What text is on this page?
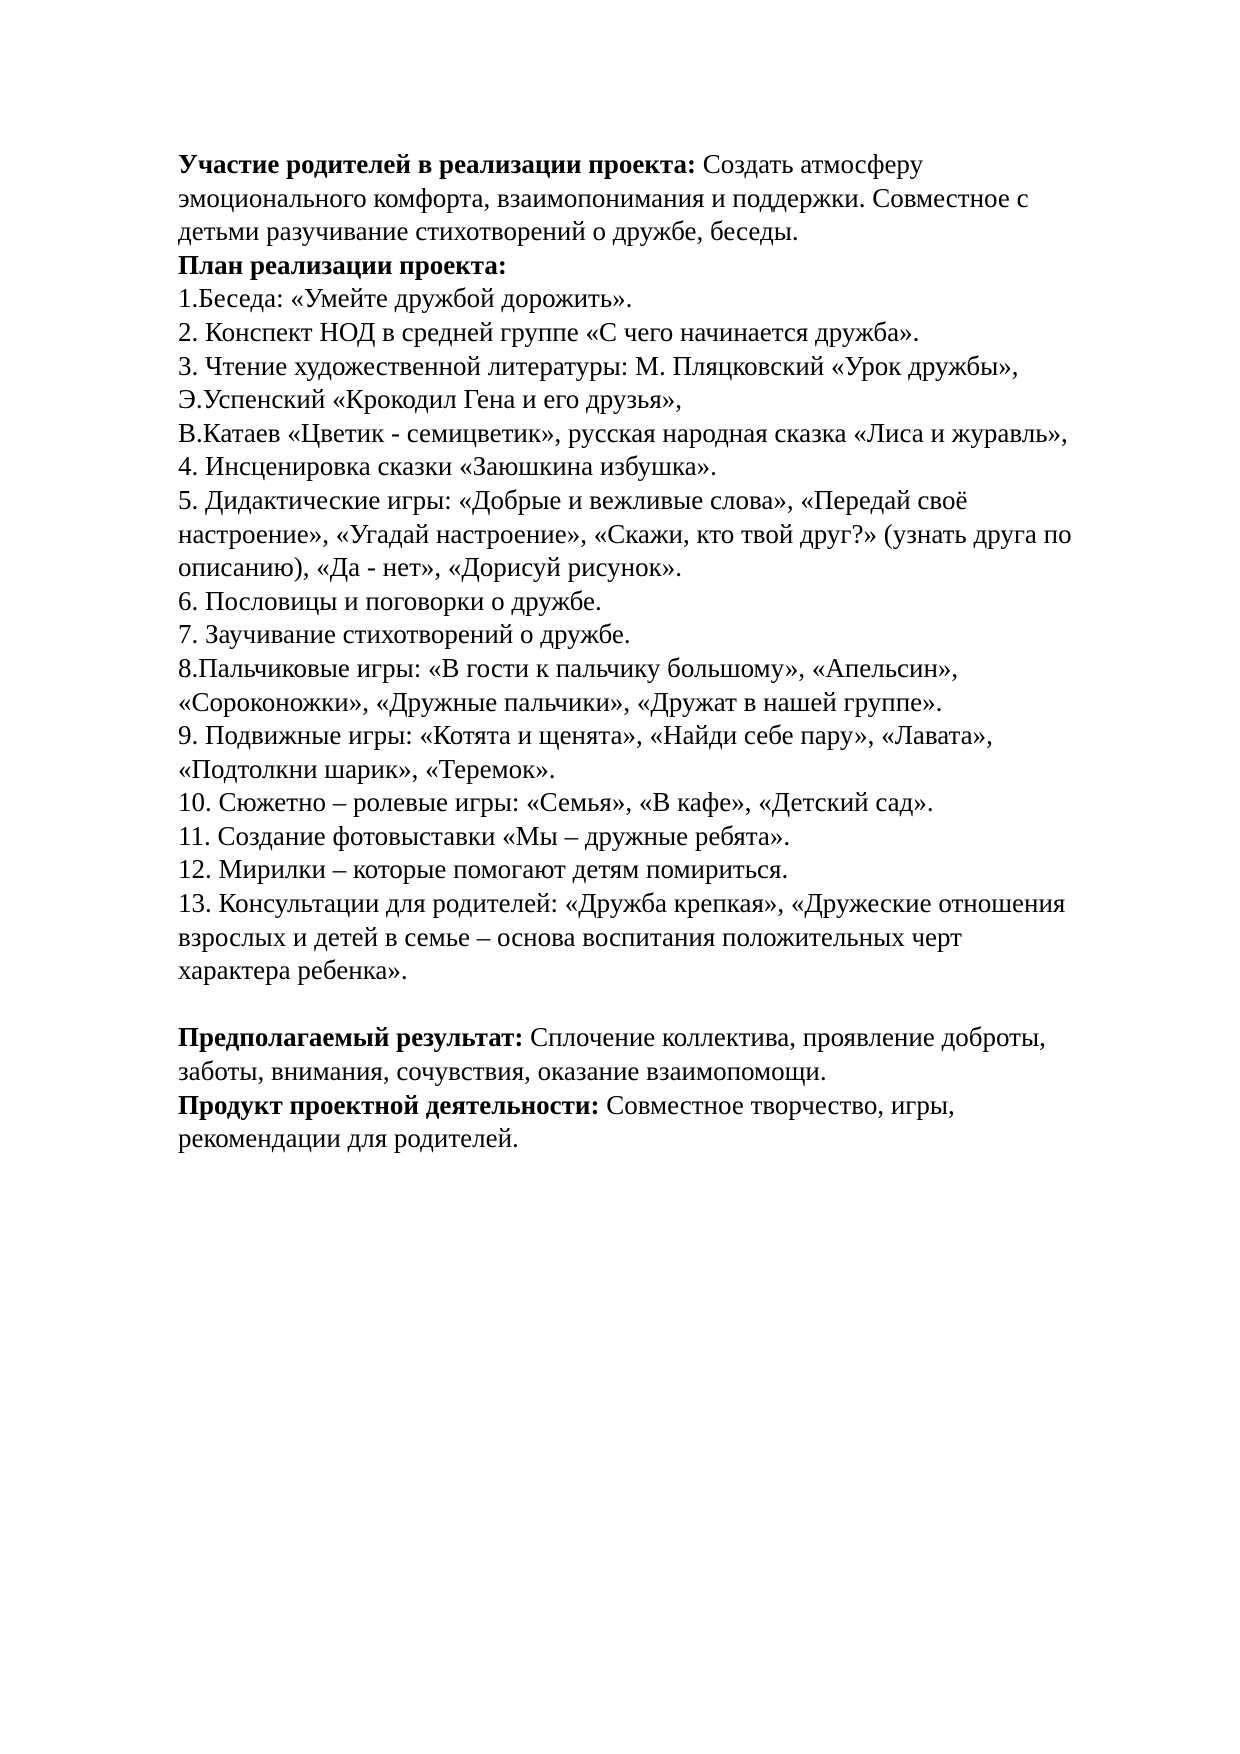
Участие родителей в реализации проекта: Создать атмосферу

эмоционального комфорта, взаимопонимания и поддержки. Совместное с

детьми разучивание стихотворений о дружбе, беседы.

План реализации проекта:

1.Беседа: «Умейте дружбой дорожить».

2. Конспект НОД в средней группе «С чего начинается дружба».

3. Чтение художественной литературы: М. Пляцковский «Урок дружбы»,

Э.Успенский «Крокодил Гена и его друзья»,

В.Катаев «Цветик - семицветик», русская народная сказка «Лиса и журавль»,

4. Инсценировка сказки «Заюшкина избушка».

5. Дидактические игры: «Добрые и вежливые слова», «Передай своё

настроение», «Угадай настроение», «Скажи, кто твой друг?» (узнать друга по

описанию), «Да - нет», «Дорисуй рисунок».

6. Пословицы и поговорки о дружбе.

7. Заучивание стихотворений о дружбе.

8.Пальчиковые игры: «В гости к пальчику большому», «Апельсин»,

«Сороконожки», «Дружные пальчики», «Дружат в нашей группе».

9. Подвижные игры: «Котята и щенята», «Найди себе пару», «Лавата»,

«Подтолкни шарик», «Теремок».

10. Сюжетно – ролевые игры: «Семья», «В кафе», «Детский сад».

11. Создание фотовыставки «Мы – дружные ребята».

12. Мирилки – которые помогают детям помириться.

13. Консультации для родителей: «Дружба крепкая», «Дружеские отношения

взрослых и детей в семье – основа воспитания положительных черт

характера ребенка».

Предполагаемый результат: Сплочение коллектива, проявление доброты,

заботы, внимания, сочувствия, оказание взаимопомощи.

Продукт проектной деятельности: Совместное творчество, игры,

рекомендации для родителей.
